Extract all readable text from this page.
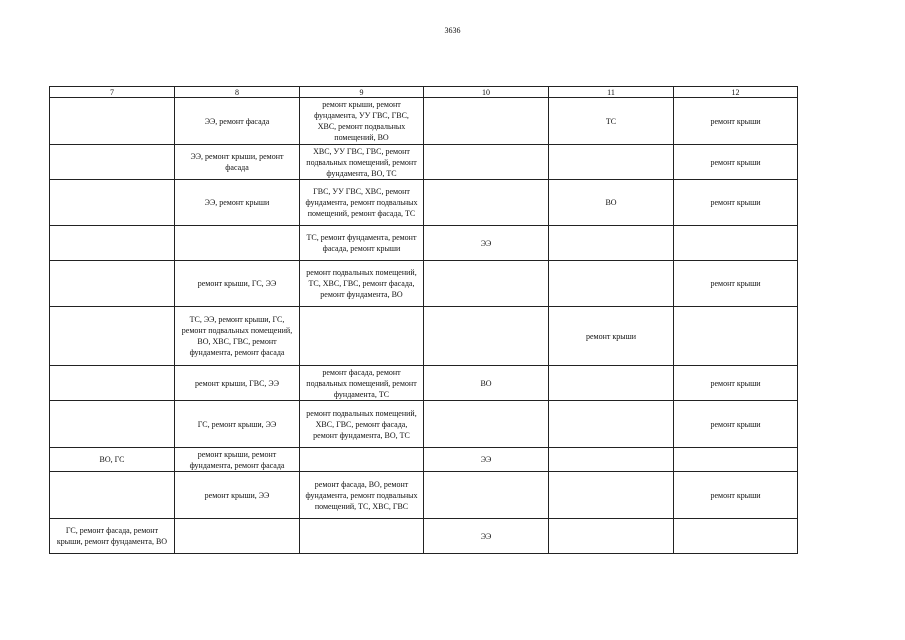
3636
7	8	9	10	11	12
	ЭЭ, ремонт фасада	ремонт крыши, ремонт фундамента, УУ ГВС, ГВС, ХВС, ремонт подвальных помещений, ВО		ТС	ремонт крыши
	ЭЭ, ремонт крыши, ремонт фасада	ХВС, УУ ГВС, ГВС, ремонт подвальных помещений, ремонт фундамента, ВО, ТС			ремонт крыши
	ЭЭ, ремонт крыши	ГВС, УУ ГВС, ХВС, ремонт фундамента, ремонт подвальных помещений, ремонт фасада, ТС		ВО	ремонт крыши
		ТС, ремонт фундамента, ремонт фасада, ремонт крыши	ЭЭ		
	ремонт крыши, ГС, ЭЭ	ремонт подвальных помещений, ТС, ХВС, ГВС, ремонт фасада, ремонт фундамента, ВО			ремонт крыши
	ТС, ЭЭ, ремонт крыши, ГС, ремонт подвальных помещений, ВО, ХВС, ГВС, ремонт фундамента, ремонт фасада			ремонт крыши	
	ремонт крыши, ГВС, ЭЭ	ремонт фасада, ремонт подвальных помещений, ремонт фундамента, ТС	ВО		ремонт крыши
	ГС, ремонт крыши, ЭЭ	ремонт подвальных помещений, ХВС, ГВС, ремонт фасада, ремонт фундамента, ВО, ТС			ремонт крыши
ВО, ГС	ремонт крыши, ремонт фундамента, ремонт фасада		ЭЭ		
	ремонт крыши, ЭЭ	ремонт фасада, ВО, ремонт фундамента, ремонт подвальных помещений, ТС, ХВС, ГВС			ремонт крыши
ГС, ремонт фасада, ремонт крыши, ремонт фундамента, ВО			ЭЭ		
